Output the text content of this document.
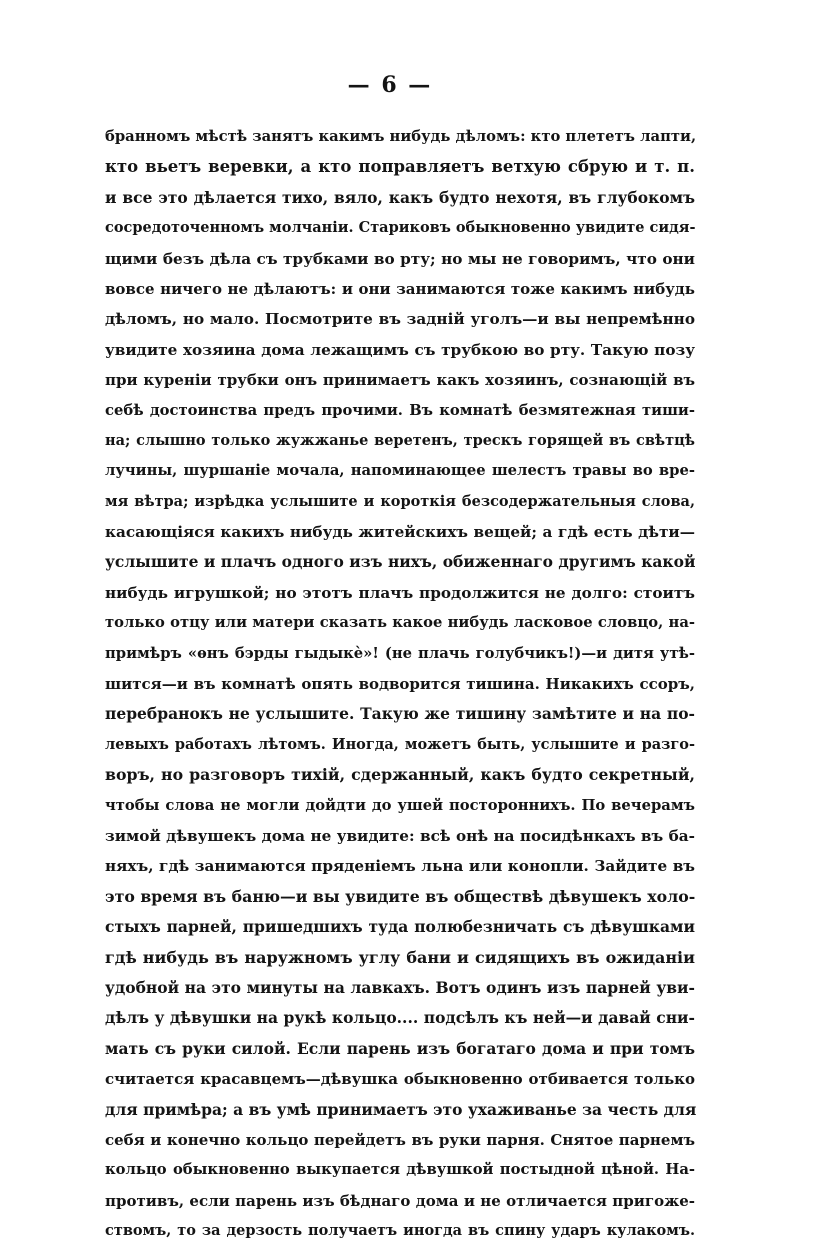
— 6 —
бранномъ мѣстѣ занятъ какимъ нибудь дѣломъ: кто плететъ лапти,
кто вьетъ веревки, а кто поправляетъ ветхую сбрую и т. п.
и все это дѣлается тихо, вяло, какъ будто нехотя, въ глубокомъ
сосредоточенномъ молчаніи. Стариковъ обыкновенно увидите сидя-
щими безъ дѣла съ трубками во рту; но мы не говоримъ, что они
вовсе ничего не дѣлаютъ: и они занимаются тоже какимъ нибудь
дѣломъ, но мало. Посмотрите въ задній уголъ—и вы непремѣнно
увидите хозяина дома лежащимъ съ трубкою во рту. Такую позу
при куреніи трубки онъ принимаетъ какъ хозяинъ, сознающій въ
себѣ достоинства предъ прочими. Въ комнатѣ безмятежная тиши-
на; слышно только жужжанье веретенъ, трескъ горящей въ свѣтцѣ
лучины, шуршаніе мочала, напоминающее шелестъ травы во вре-
мя вѣтра; изрѣдка услышите и короткія безсодержательныя слова,
касающіяся какихъ нибудь житейскихъ вещей; а гдѣ есть дѣти—
услышите и плачъ одного изъ нихъ, обиженнаго другимъ какой
нибудь игрушкой; но этотъ плачъ продолжится не долго: стоитъ
только отцу или матери сказать какое нибудь ласковое словцо, на-
примѣръ «ѳнъ бэрды гыдыкѐ»! (не плачь голубчикъ!)—и дитя утѣ-
шится—и въ комнатѣ опять водворится тишина. Никакихъ ссоръ,
перебранокъ не услышите. Такую же тишину замѣтите и на по-
левыхъ работахъ лѣтомъ. Иногда, можетъ быть, услышите и разго-
воръ, но разговоръ тихій, сдержанный, какъ будто секретный,
чтобы слова не могли дойдти до ушей постороннихъ. По вечерамъ
зимой дѣвушекъ дома не увидите: всѣ онѣ на посидѣнкахъ въ ба-
няхъ, гдѣ занимаются пряденіемъ льна или конопли. Зайдите въ
это время въ баню—и вы увидите въ обществѣ дѣвушекъ холо-
стыхъ парней, пришедшихъ туда полюбезничать съ дѣвушками
гдѣ нибудь въ наружномъ углу бани и сидящихъ въ ожиданіи
удобной на это минуты на лавкахъ. Вотъ одинъ изъ парней уви-
дѣлъ у дѣвушки на рукѣ кольцо.... подсѣлъ къ ней—и давай сни-
мать съ руки силой. Если парень изъ богатаго дома и при томъ
считается красавцемъ—дѣвушка обыкновенно отбивается только
для примѣра; а въ умѣ принимаетъ это ухаживанье за честь для
себя и конечно кольцо перейдетъ въ руки парня. Снятое парнемъ
кольцо обыкновенно выкупается дѣвушкой постыдной цѣной. На-
противъ, если парень изъ бѣднаго дома и не отличается пригоже-
ствомъ, то за дерзость получаетъ иногда въ спину ударъ кулакомъ.
